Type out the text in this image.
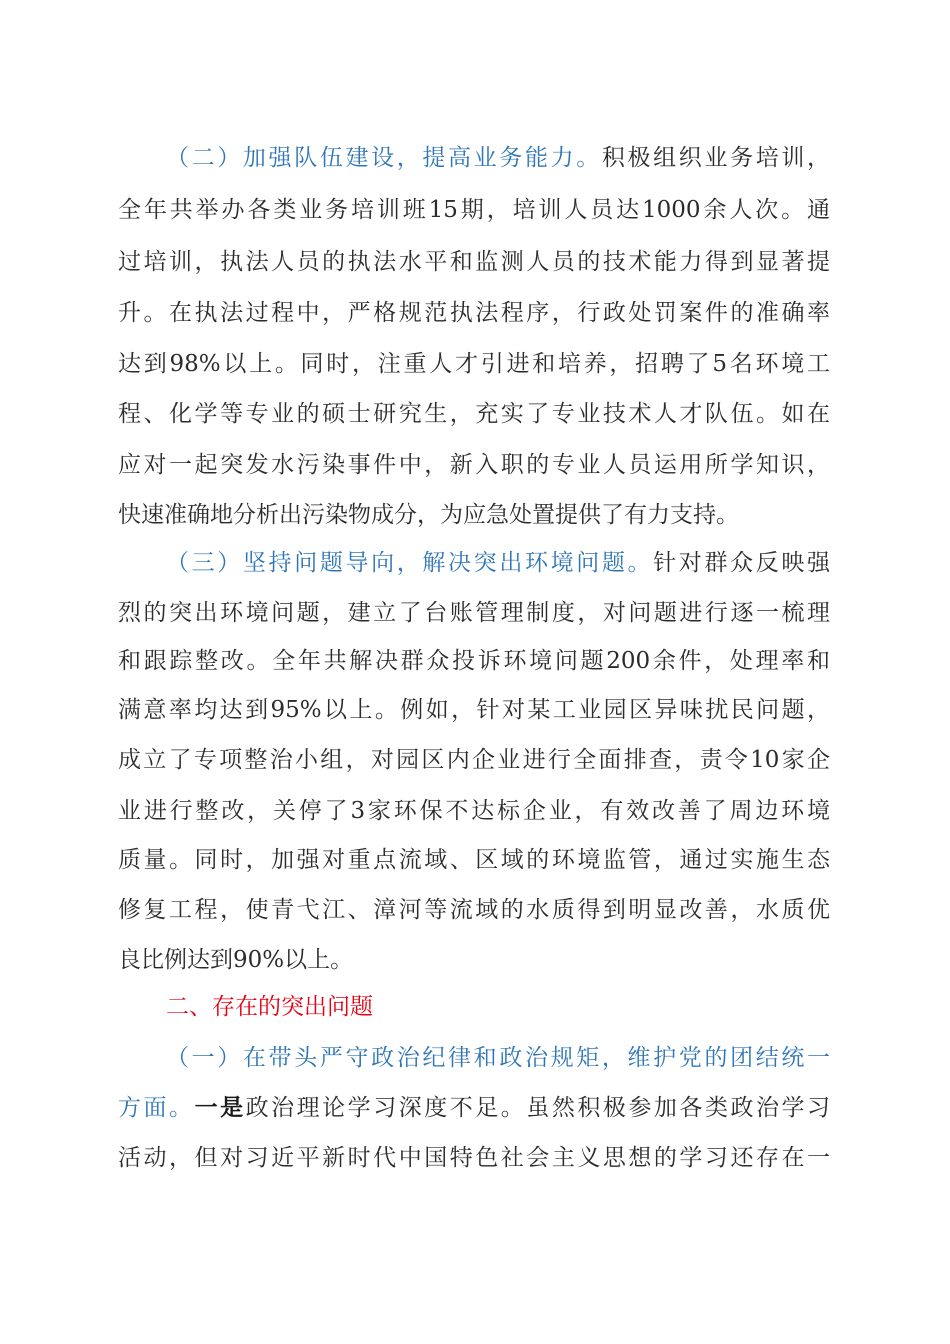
（二）加强队伍建设，提高业务能力。积极组织业务培训，
全年共举办各类业务培训班15期，培训人员达1000余人次。通
过培训，执法人员的执法水平和监测人员的技术能力得到显著提
升。在执法过程中，严格规范执法程序，行政处罚案件的准确率
达到98%以上。同时，注重人才引进和培养，招聘了5名环境工
程、化学等专业的硕士研究生，充实了专业技术人才队伍。如在
应对一起突发水污染事件中，新入职的专业人员运用所学知识，
快速准确地分析出污染物成分，为应急处置提供了有力支持。
（三）坚持问题导向，解决突出环境问题。针对群众反映强
烈的突出环境问题，建立了台账管理制度，对问题进行逐一梳理
和跟踪整改。全年共解决群众投诉环境问题200余件，处理率和
满意率均达到95%以上。例如，针对某工业园区异味扰民问题，
成立了专项整治小组，对园区内企业进行全面排查，责令10家企
业进行整改，关停了3家环保不达标企业，有效改善了周边环境
质量。同时，加强对重点流域、区域的环境监管，通过实施生态
修复工程，使青弋江、漳河等流域的水质得到明显改善，水质优
良比例达到90%以上。
二、存在的突出问题
（一）在带头严守政治纪律和政治规矩，维护党的团结统一
方面。一是政治理论学习深度不足。虽然积极参加各类政治学习
活动，但对习近平新时代中国特色社会主义思想的学习还存在一
